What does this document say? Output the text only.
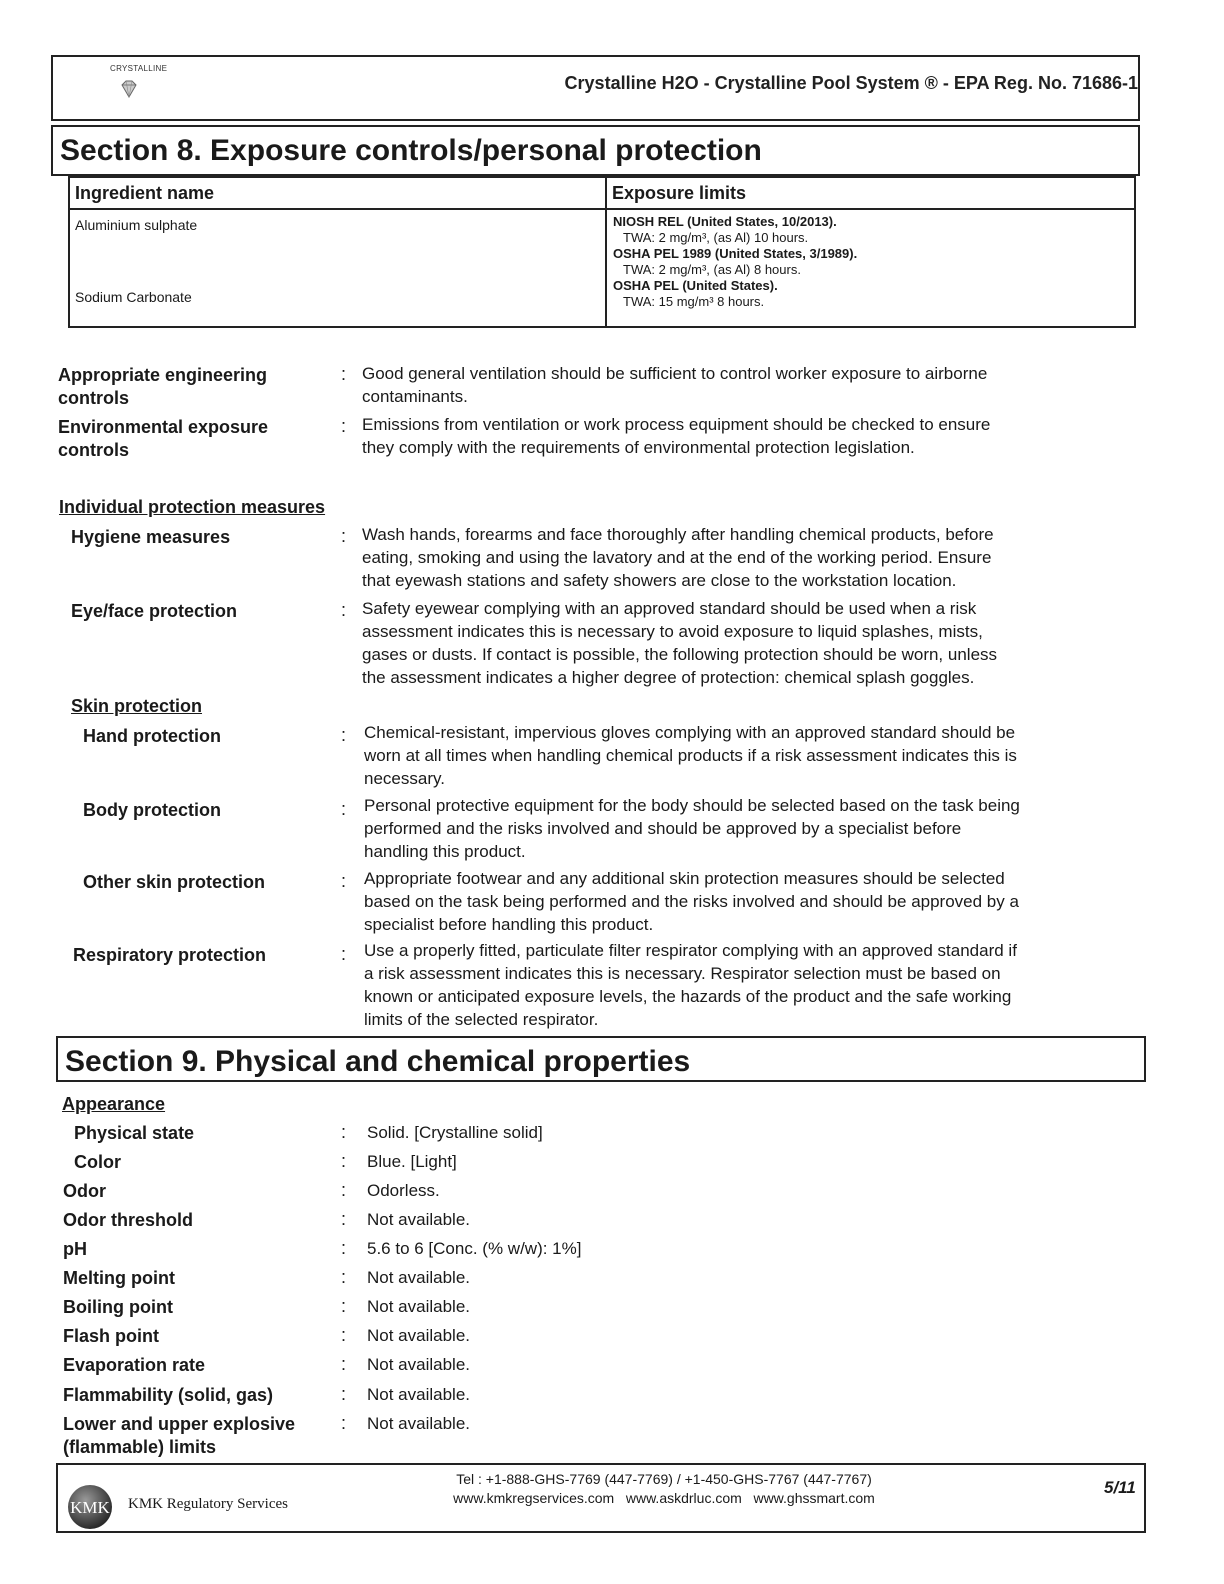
CRYSTALLINE
Crystalline H2O - Crystalline Pool System ® - EPA Reg. No. 71686-1
Section 8. Exposure controls/personal protection
Ingredient name	Exposure limits
Aluminium sulphate	NIOSH REL (United States, 10/2013).
TWA: 2 mg/m³, (as Al) 10 hours.
OSHA PEL 1989 (United States, 3/1989).
TWA: 2 mg/m³, (as Al) 8 hours.
OSHA PEL (United States).
TWA: 15 mg/m³ 8 hours.
Sodium Carbonate
Appropriate engineering
controls
: Good general ventilation should be sufficient to control worker exposure to airborne
contaminants.
Environmental exposure
controls
: Emissions from ventilation or work process equipment should be checked to ensure
they comply with the requirements of environmental protection legislation.
Individual protection measures
Hygiene measures	: Wash hands, forearms and face thoroughly after handling chemical products, before
eating, smoking and using the lavatory and at the end of the working period. Ensure
that eyewash stations and safety showers are close to the workstation location.
Eye/face protection	: Safety eyewear complying with an approved standard should be used when a risk
assessment indicates this is necessary to avoid exposure to liquid splashes, mists,
gases or dusts. If contact is possible, the following protection should be worn, unless
the assessment indicates a higher degree of protection: chemical splash goggles.
Skin protection
Hand protection	: Chemical-resistant, impervious gloves complying with an approved standard should be
worn at all times when handling chemical products if a risk assessment indicates this is
necessary.
Body protection	: Personal protective equipment for the body should be selected based on the task being
performed and the risks involved and should be approved by a specialist before
handling this product.
Other skin protection	: Appropriate footwear and any additional skin protection measures should be selected
based on the task being performed and the risks involved and should be approved by a
specialist before handling this product.
Respiratory protection	: Use a properly fitted, particulate filter respirator complying with an approved standard if
a risk assessment indicates this is necessary. Respirator selection must be based on
known or anticipated exposure levels, the hazards of the product and the safe working
limits of the selected respirator.
Section 9. Physical and chemical properties
Appearance
Physical state	: Solid. [Crystalline solid]
Color	: Blue. [Light]
Odor	: Odorless.
Odor threshold	: Not available.
pH	: 5.6 to 6 [Conc. (% w/w): 1%]
Melting point	: Not available.
Boiling point	: Not available.
Flash point	: Not available.
Evaporation rate	: Not available.
Flammability (solid, gas)	: Not available.
Lower and upper explosive
(flammable) limits
: Not available.
KMK KMK Regulatory Services
Tel : +1-888-GHS-7769 (447-7769) / +1-450-GHS-7767 (447-7767)
www.kmkregservices.com   www.askdrluc.com   www.ghssmart.com
5/11
